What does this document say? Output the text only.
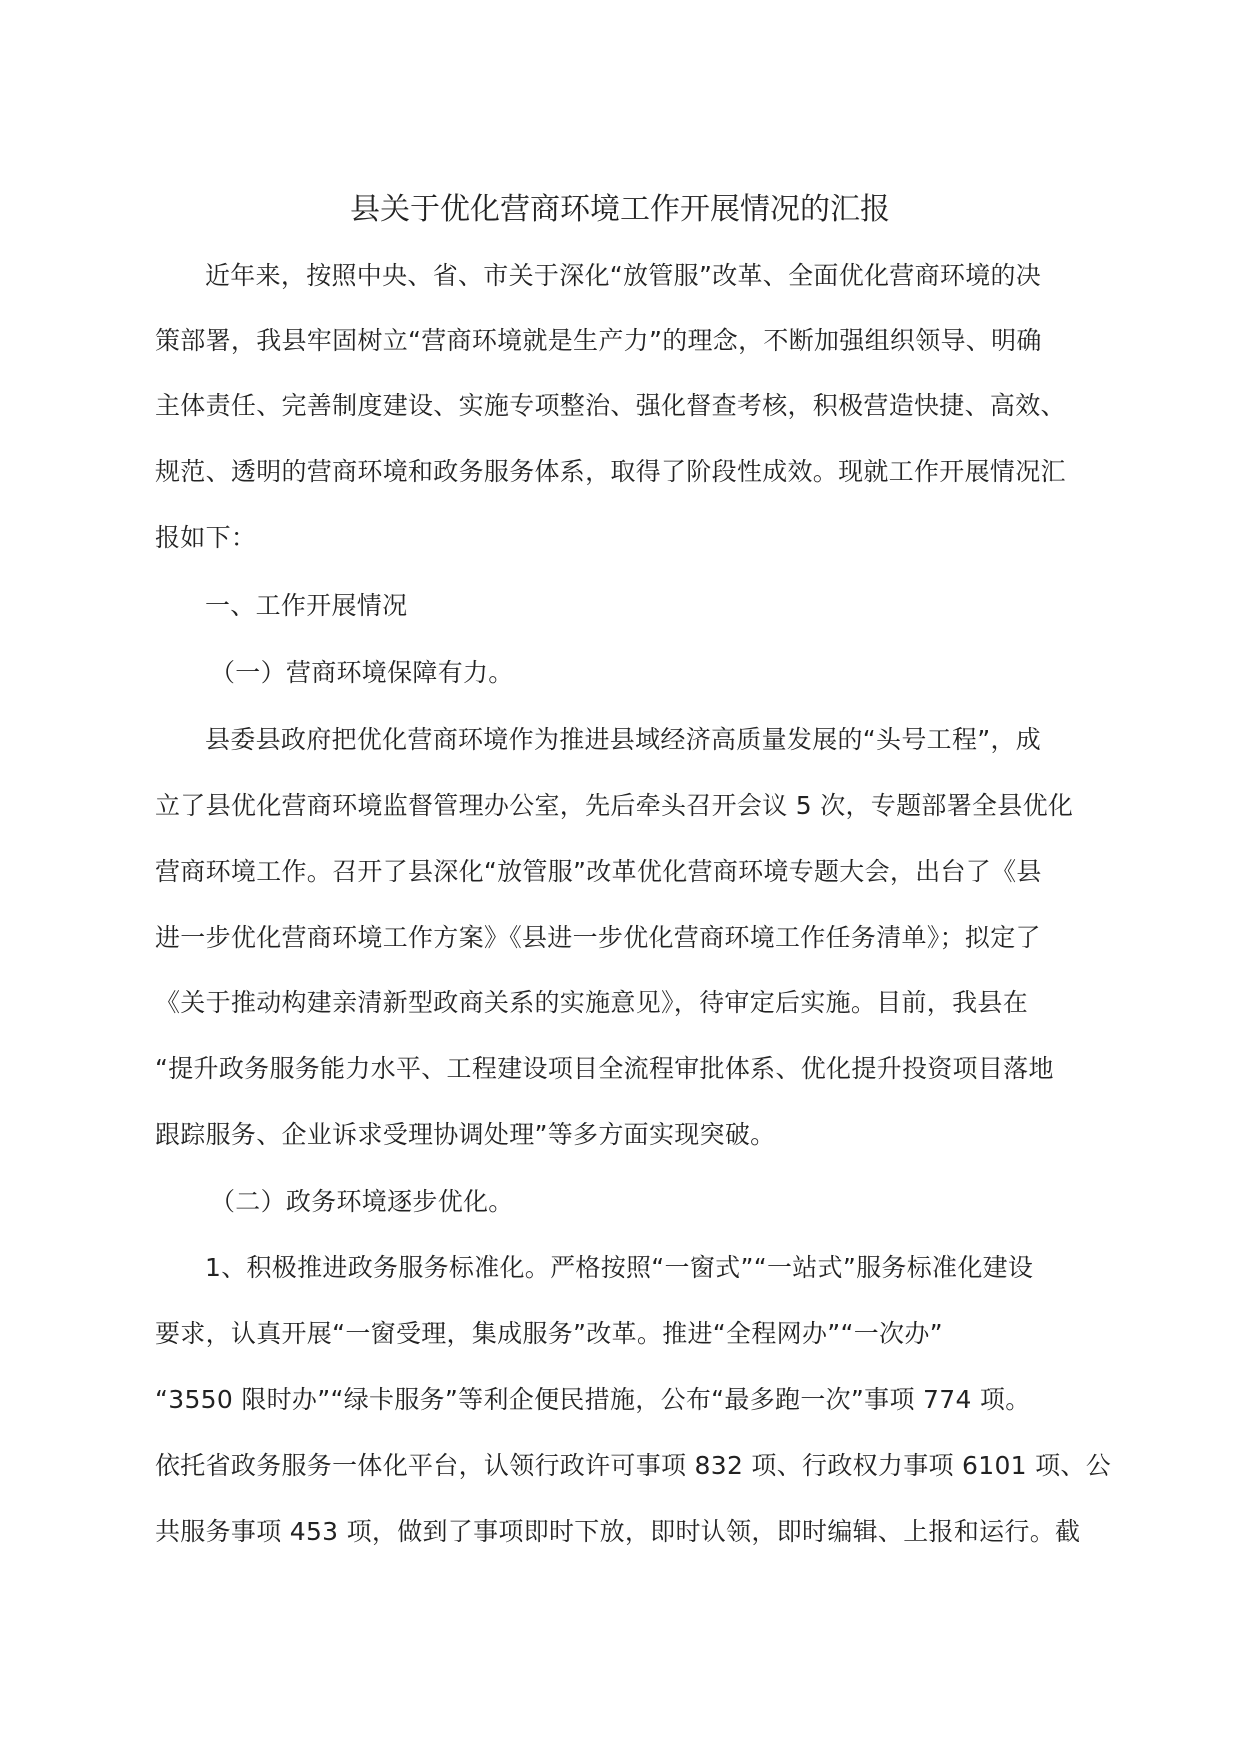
县关于优化营商环境工作开展情况的汇报
近年来，按照中央、省、市关于深化“放管服”改革、全面优化营商环境的决
策部署，我县牢固树立“营商环境就是生产力”的理念，不断加强组织领导、明确
主体责任、完善制度建设、实施专项整治、强化督查考核，积极营造快捷、高效、
规范、透明的营商环境和政务服务体系，取得了阶段性成效。现就工作开展情况汇
报如下：
一、工作开展情况
（一）营商环境保障有力。
县委县政府把优化营商环境作为推进县域经济高质量发展的“头号工程”，成
立了县优化营商环境监督管理办公室，先后牵头召开会议 5 次，专题部署全县优化
营商环境工作。召开了县深化“放管服”改革优化营商环境专题大会，出台了《县
进一步优化营商环境工作方案》《县进一步优化营商环境工作任务清单》；拟定了
《关于推动构建亲清新型政商关系的实施意见》，待审定后实施。目前，我县在
“提升政务服务能力水平、工程建设项目全流程审批体系、优化提升投资项目落地
跟踪服务、企业诉求受理协调处理”等多方面实现突破。
（二）政务环境逐步优化。
1、积极推进政务服务标准化。严格按照“一窗式”“一站式”服务标准化建设
要求，认真开展“一窗受理，集成服务”改革。推进“全程网办”“一次办”
“3550 限时办”“绿卡服务”等利企便民措施，公布“最多跑一次”事项 774 项。
依托省政务服务一体化平台，认领行政许可事项 832 项、行政权力事项 6101 项、公
共服务事项 453 项，做到了事项即时下放，即时认领，即时编辑、上报和运行。截
